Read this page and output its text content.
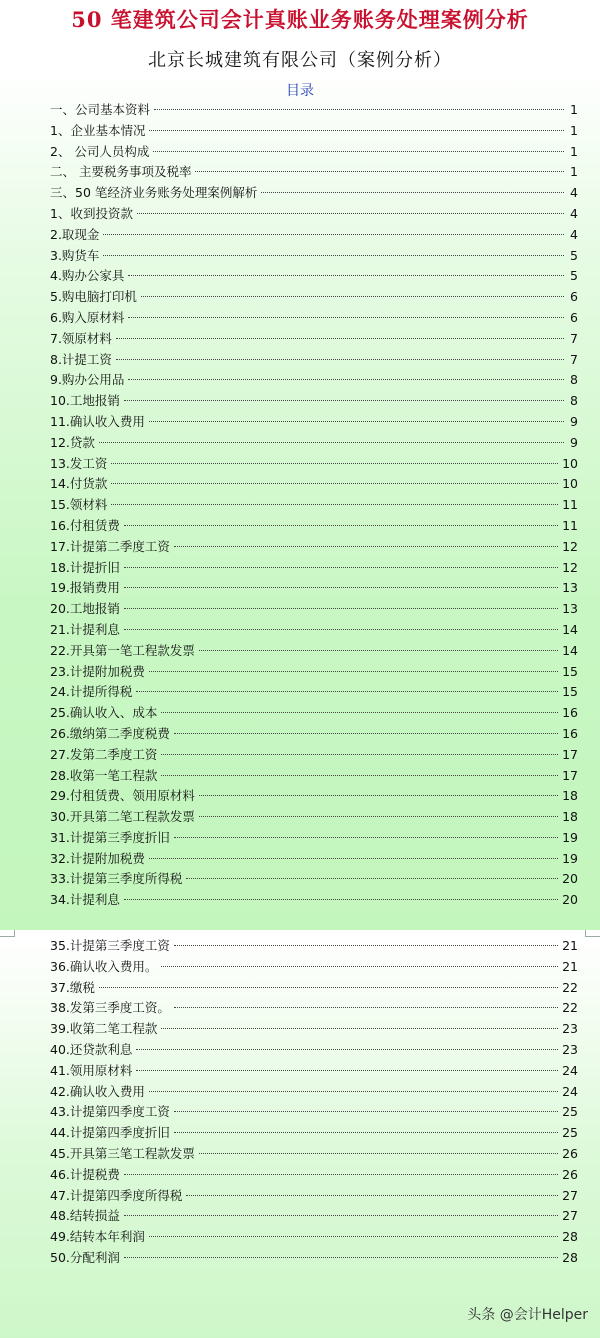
50 笔建筑公司会计真账业务账务处理案例分析
北京长城建筑有限公司（案例分析）
目录
一、公司基本资料	1
1、企业基本情况	1
2、 公司人员构成	1
二、 主要税务事项及税率	1
三、50 笔经济业务账务处理案例解析	4
1、收到投资款	4
2.取现金	4
3.购货车	5
4.购办公家具	5
5.购电脑打印机	6
6.购入原材料	6
7.领原材料	7
8.计提工资	7
9.购办公用品	8
10.工地报销	8
11.确认收入费用	9
12.贷款	9
13.发工资	10
14.付货款	10
15.领材料	11
16.付租赁费	11
17.计提第二季度工资	12
18.计提折旧	12
19.报销费用	13
20.工地报销	13
21.计提利息	14
22.开具第一笔工程款发票	14
23.计提附加税费	15
24.计提所得税	15
25.确认收入、成本	16
26.缴纳第二季度税费	16
27.发第二季度工资	17
28.收第一笔工程款	17
29.付租赁费、领用原材料	18
30.开具第二笔工程款发票	18
31.计提第三季度折旧	19
32.计提附加税费	19
33.计提第三季度所得税	20
34.计提利息	20
35.计提第三季度工资	21
36.确认收入费用。	21
37.缴税	22
38.发第三季度工资。	22
39.收第二笔工程款	23
40.还贷款利息	23
41.领用原材料	24
42.确认收入费用	24
43.计提第四季度工资	25
44.计提第四季度折旧	25
45.开具第三笔工程款发票	26
46.计提税费	26
47.计提第四季度所得税	27
48.结转损益	27
49.结转本年利润	28
50.分配利润	28
头条 @会计Helper
